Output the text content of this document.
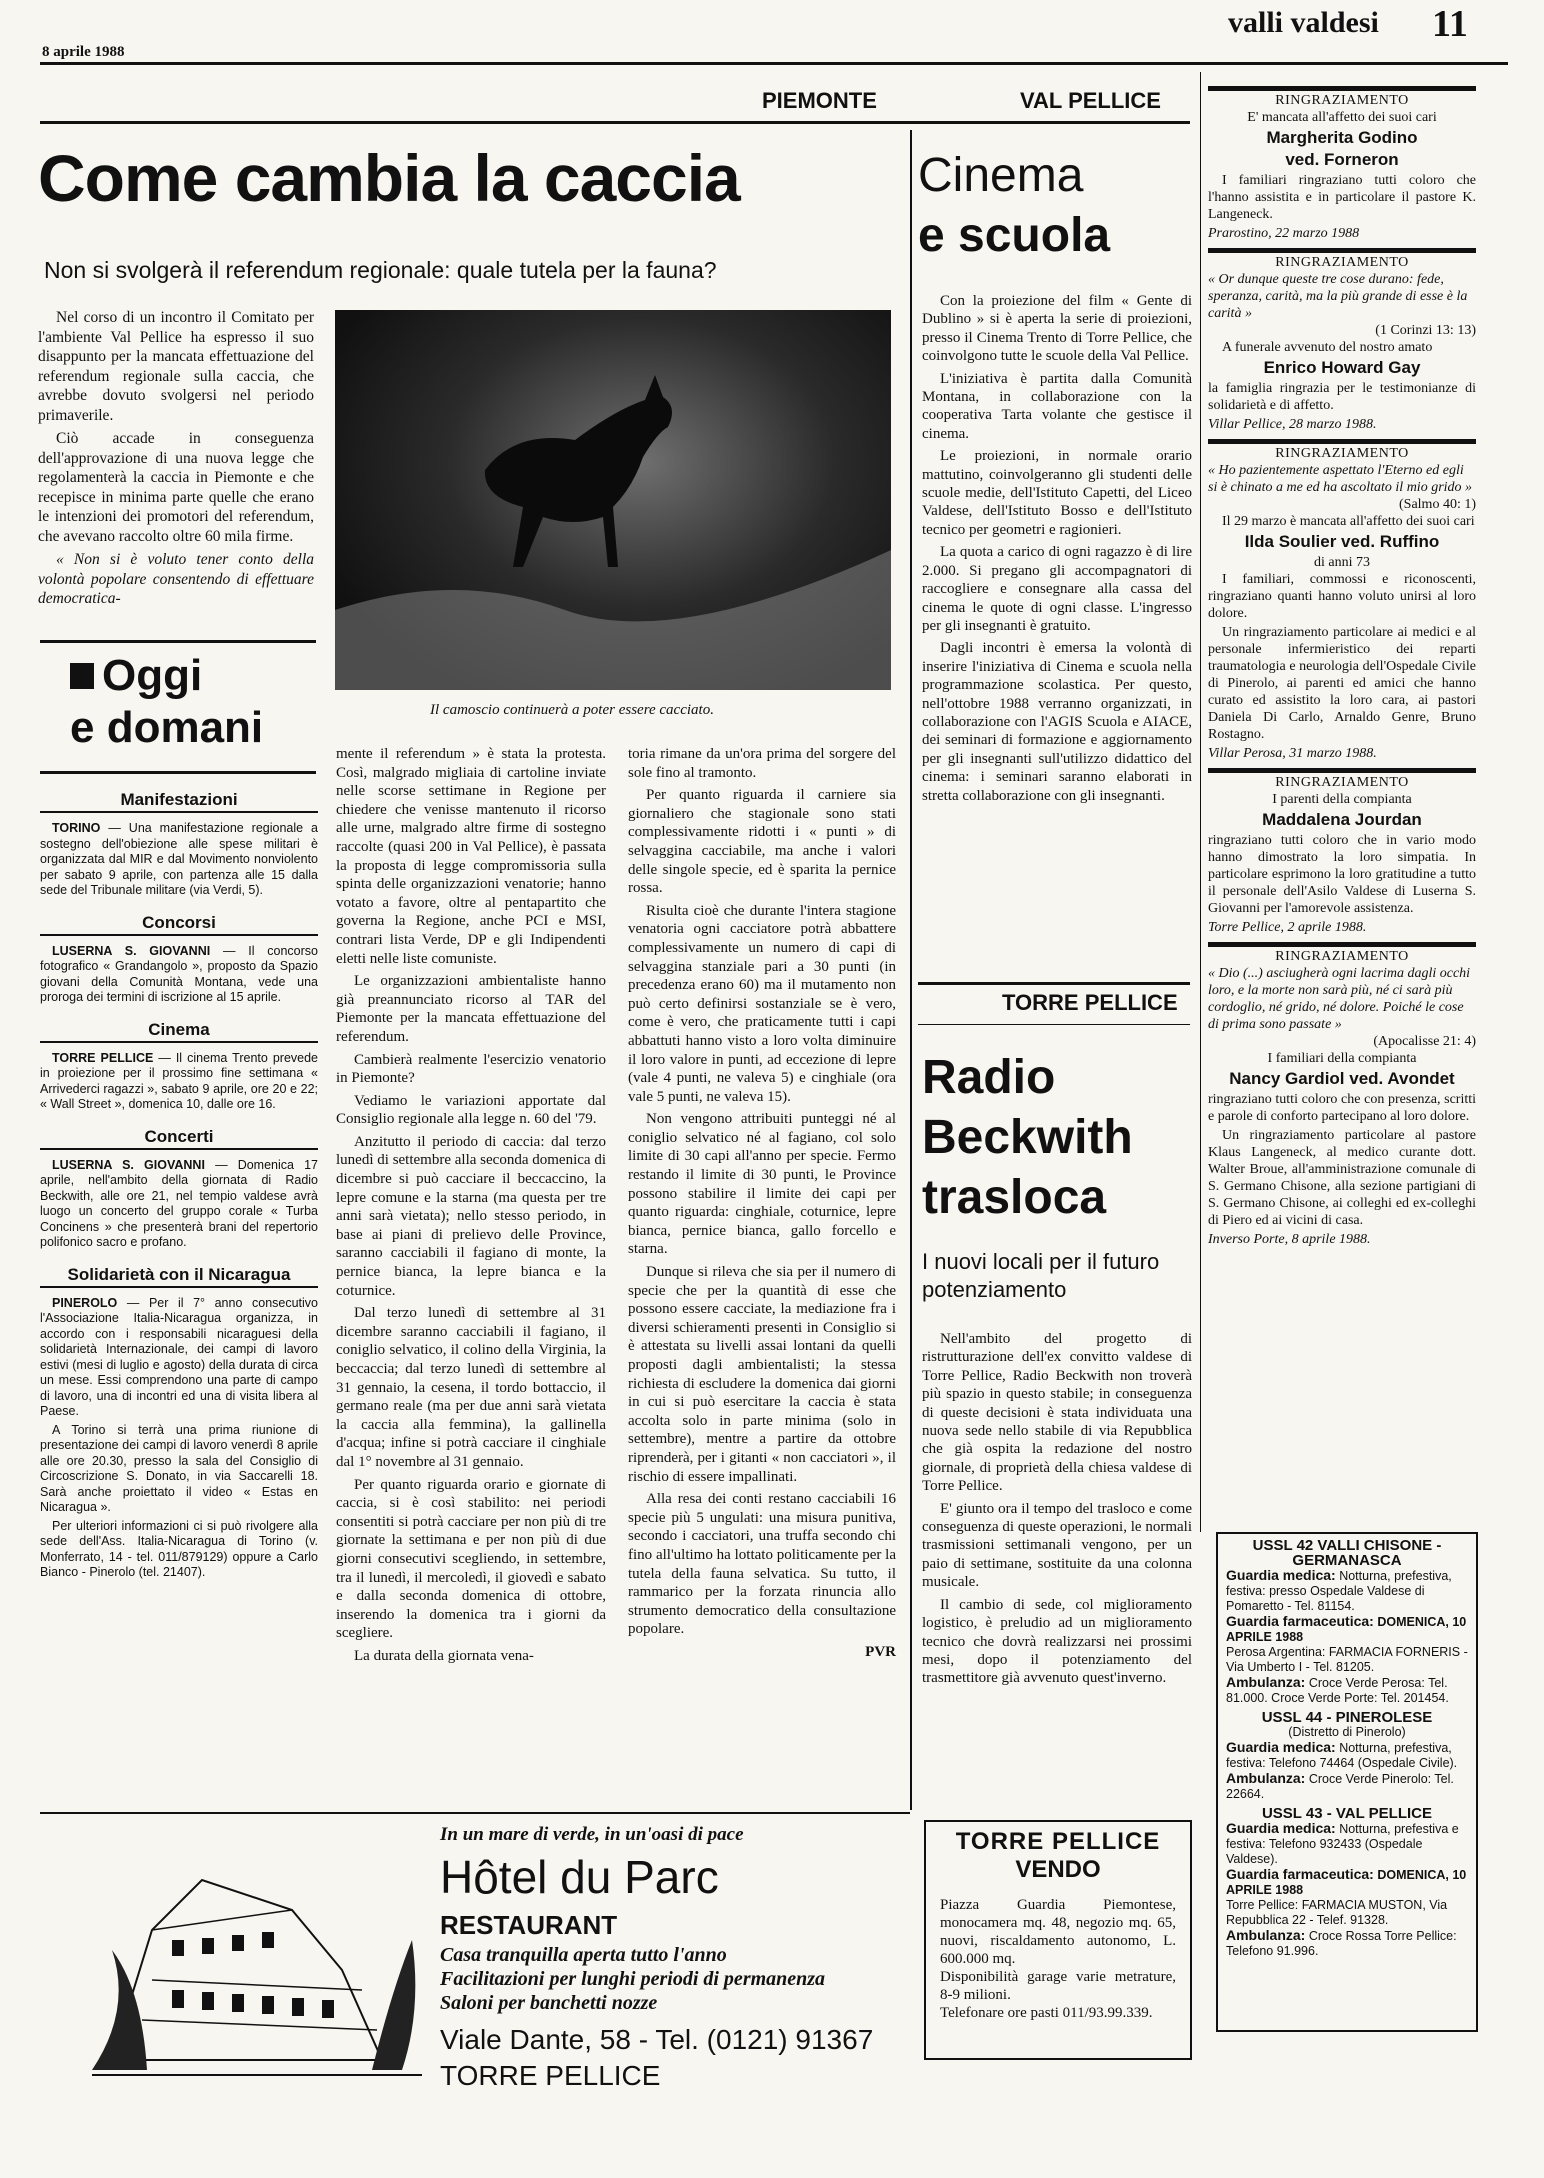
8 aprile 1988
valli valdesi 11
PIEMONTE	VAL PELLICE
Come cambia la caccia
Non si svolgerà il referendum regionale: quale tutela per la fauna?

Nel corso di un incontro il Comitato per l'ambiente Val Pellice ha espresso il suo disappunto per la mancata effettuazione del referendum regionale sulla caccia, che avrebbe dovuto svolgersi nel periodo primaverile.

Ciò accade in conseguenza dell'approvazione di una nuova legge che regolamenterà la caccia in Piemonte e che recepisce in minima parte quelle che erano le intenzioni dei promotori del referendum, che avevano raccolto oltre 60 mila firme.

« Non si è voluto tener conto della volontà popolare consentendo di effettuare democratica-

Il camoscio continuerà a poter essere cacciato.
Oggi
e domani
Manifestazioni

TORINO — Una manifestazione regionale a sostegno dell'obiezione alle spese militari è organizzata dal MIR e dal Movimento nonviolento per sabato 9 aprile, con partenza alle 15 dalla sede del Tribunale militare (via Verdi, 5).

Concorsi

LUSERNA S. GIOVANNI — Il concorso fotografico « Grandangolo », proposto da Spazio giovani della Comunità Montana, vede una proroga dei termini di iscrizione al 15 aprile.

Cinema

TORRE PELLICE — Il cinema Trento prevede in proiezione per il prossimo fine settimana « Arrivederci ragazzi », sabato 9 aprile, ore 20 e 22; « Wall Street », domenica 10, dalle ore 16.

Concerti

LUSERNA S. GIOVANNI — Domenica 17 aprile, nell'ambito della giornata di Radio Beckwith, alle ore 21, nel tempio valdese avrà luogo un concerto del gruppo corale « Turba Concinens » che presenterà brani del repertorio polifonico sacro e profano.

Solidarietà con il Nicaragua

PINEROLO — Per il 7° anno consecutivo l'Associazione Italia-Nicaragua organizza, in accordo con i responsabili nicaraguesi della solidarietà Internazionale, dei campi di lavoro estivi (mesi di luglio e agosto) della durata di circa un mese. Essi comprendono una parte di campo di lavoro, una di incontri ed una di visita libera al Paese.

A Torino si terrà una prima riunione di presentazione dei campi di lavoro venerdì 8 aprile alle ore 20.30, presso la sala del Consiglio di Circoscrizione S. Donato, in via Saccarelli 18. Sarà anche proiettato il video « Estas en Nicaragua ».

Per ulteriori informazioni ci si può rivolgere alla sede dell'Ass. Italia-Nicaragua di Torino (v. Monferrato, 14 - tel. 011/879129) oppure a Carlo Bianco - Pinerolo (tel. 21407).

mente il referendum » è stata la protesta. Così, malgrado migliaia di cartoline inviate nelle scorse settimane in Regione per chiedere che venisse mantenuto il ricorso alle urne, malgrado altre firme di sostegno raccolte (quasi 200 in Val Pellice), è passata la proposta di legge compromissoria sulla spinta delle organizzazioni venatorie; hanno votato a favore, oltre al pentapartito che governa la Regione, anche PCI e MSI, contrari lista Verde, DP e gli Indipendenti eletti nelle liste comuniste.

Le organizzazioni ambientaliste hanno già preannunciato ricorso al TAR del Piemonte per la mancata effettuazione del referendum.

Cambierà realmente l'esercizio venatorio in Piemonte?

Vediamo le variazioni apportate dal Consiglio regionale alla legge n. 60 del '79.

Anzitutto il periodo di caccia: dal terzo lunedì di settembre alla seconda domenica di dicembre si può cacciare il beccaccino, la lepre comune e la starna (ma questa per tre anni sarà vietata); nello stesso periodo, in base ai piani di prelievo delle Province, saranno cacciabili il fagiano di monte, la pernice bianca, la lepre bianca e la coturnice.

Dal terzo lunedì di settembre al 31 dicembre saranno cacciabili il fagiano, il coniglio selvatico, il colino della Virginia, la beccaccia; dal terzo lunedì di settembre al 31 gennaio, la cesena, il tordo bottaccio, il germano reale (ma per due anni sarà vietata la caccia alla femmina), la gallinella d'acqua; infine si potrà cacciare il cinghiale dal 1° novembre al 31 gennaio.

Per quanto riguarda orario e giornate di caccia, si è così stabilito: nei periodi consentiti si potrà cacciare per non più di tre giornate la settimana e per non più di due giorni consecutivi scegliendo, in settembre, tra il lunedì, il mercoledì, il giovedì e sabato e dalla seconda domenica di ottobre, inserendo la domenica tra i giorni da scegliere.

La durata della giornata vena-

toria rimane da un'ora prima del sorgere del sole fino al tramonto.

Per quanto riguarda il carniere sia giornaliero che stagionale sono stati complessivamente ridotti i « punti » di selvaggina cacciabile, ma anche i valori delle singole specie, ed è sparita la pernice rossa.

Risulta cioè che durante l'intera stagione venatoria ogni cacciatore potrà abbattere complessivamente un numero di capi di selvaggina stanziale pari a 30 punti (in precedenza erano 60) ma il mutamento non può certo definirsi sostanziale se è vero, come è vero, che praticamente tutti i capi abbattuti hanno visto a loro volta diminuire il loro valore in punti, ad eccezione di lepre (vale 4 punti, ne valeva 5) e cinghiale (ora vale 5 punti, ne valeva 15).

Non vengono attribuiti punteggi né al coniglio selvatico né al fagiano, col solo limite di 30 capi all'anno per specie. Fermo restando il limite di 30 punti, le Province possono stabilire il limite dei capi per quanto riguarda: cinghiale, coturnice, lepre bianca, pernice bianca, gallo forcello e starna.

Dunque si rileva che sia per il numero di specie che per la quantità di esse che possono essere cacciate, la mediazione fra i diversi schieramenti presenti in Consiglio si è attestata su livelli assai lontani da quelli proposti dagli ambientalisti; la stessa richiesta di escludere la domenica dai giorni in cui si può esercitare la caccia è stata accolta solo in parte minima (solo in settembre), mentre a partire da ottobre riprenderà, per i gitanti « non cacciatori », il rischio di essere impallinati.

Alla resa dei conti restano cacciabili 16 specie più 5 ungulati: una misura punitiva, secondo i cacciatori, una truffa secondo chi fino all'ultimo ha lottato politicamente per la tutela della fauna selvatica. Su tutto, il rammarico per la forzata rinuncia allo strumento democratico della consultazione popolare.

PVR
Cinema
e scuola

Con la proiezione del film « Gente di Dublino » si è aperta la serie di proiezioni, presso il Cinema Trento di Torre Pellice, che coinvolgono tutte le scuole della Val Pellice.

L'iniziativa è partita dalla Comunità Montana, in collaborazione con la cooperativa Tarta volante che gestisce il cinema.

Le proiezioni, in normale orario mattutino, coinvolgeranno gli studenti delle scuole medie, dell'Istituto Capetti, del Liceo Valdese, dell'Istituto Bosso e dell'Istituto tecnico per geometri e ragionieri.

La quota a carico di ogni ragazzo è di lire 2.000. Si pregano gli accompagnatori di raccogliere e consegnare alla cassa del cinema le quote di ogni classe. L'ingresso per gli insegnanti è gratuito.

Dagli incontri è emersa la volontà di inserire l'iniziativa di Cinema e scuola nella programmazione scolastica. Per questo, nell'ottobre 1988 verranno organizzati, in collaborazione con l'AGIS Scuola e AIACE, dei seminari di formazione e aggiornamento per gli insegnanti sull'utilizzo didattico del cinema: i seminari saranno elaborati in stretta collaborazione con gli insegnanti.

TORRE PELLICE
Radio
Beckwith
trasloca
I nuovi locali per il futuro potenziamento

Nell'ambito del progetto di ristrutturazione dell'ex convitto valdese di Torre Pellice, Radio Beckwith non troverà più spazio in questo stabile; in conseguenza di queste decisioni è stata individuata una nuova sede nello stabile di via Repubblica che già ospita la redazione del nostro giornale, di proprietà della chiesa valdese di Torre Pellice.

E' giunto ora il tempo del trasloco e come conseguenza di queste operazioni, le normali trasmissioni settimanali vengono, per un paio di settimane, sostituite da una colonna musicale.

Il cambio di sede, col miglioramento logistico, è preludio ad un miglioramento tecnico che dovrà realizzarsi nei prossimi mesi, dopo il potenziamento del trasmettitore già avvenuto quest'inverno.

RINGRAZIAMENTO
E' mancata all'affetto dei suoi cari
Margherita Godino
ved. Forneron

I familiari ringraziano tutti coloro che l'hanno assistita e in particolare il pastore K. Langeneck.

Prarostino, 22 marzo 1988
RINGRAZIAMENTO
« Or dunque queste tre cose durano: fede, speranza, carità, ma la più grande di esse è la carità »
(1 Corinzi 13: 13)

A funerale avvenuto del nostro amato

Enrico Howard Gay

la famiglia ringrazia per le testimonianze di solidarietà e di affetto.

Villar Pellice, 28 marzo 1988.
RINGRAZIAMENTO
« Ho pazientemente aspettato l'Eterno ed egli si è chinato a me ed ha ascoltato il mio grido »
(Salmo 40: 1)

Il 29 marzo è mancata all'affetto dei suoi cari

Ilda Soulier ved. Ruffino
di anni 73

I familiari, commossi e riconoscenti, ringraziano quanti hanno voluto unirsi al loro dolore.

Un ringraziamento particolare ai medici e al personale infermieristico dei reparti traumatologia e neurologia dell'Ospedale Civile di Pinerolo, ai parenti ed amici che hanno curato ed assistito la loro cara, ai pastori Daniela Di Carlo, Arnaldo Genre, Bruno Rostagno.

Villar Perosa, 31 marzo 1988.
RINGRAZIAMENTO
I parenti della compianta
Maddalena Jourdan

ringraziano tutti coloro che in vario modo hanno dimostrato la loro simpatia. In particolare esprimono la loro gratitudine a tutto il personale dell'Asilo Valdese di Luserna S. Giovanni per l'amorevole assistenza.

Torre Pellice, 2 aprile 1988.
RINGRAZIAMENTO
« Dio (...) asciugherà ogni lacrima dagli occhi loro, e la morte non sarà più, né ci sarà più cordoglio, né grido, né dolore. Poiché le cose di prima sono passate »
(Apocalisse 21: 4)
I familiari della compianta
Nancy Gardiol ved. Avondet

ringraziano tutti coloro che con presenza, scritti e parole di conforto partecipano al loro dolore.

Un ringraziamento particolare al pastore Klaus Langeneck, al medico curante dott. Walter Broue, all'amministrazione comunale di S. Germano Chisone, alla sezione partigiani di S. Germano Chisone, ai colleghi ed ex-colleghi di Piero ed ai vicini di casa.

Inverso Porte, 8 aprile 1988.
USSL 42 VALLI CHISONE - GERMANASCA
Guardia medica: Notturna, prefestiva, festiva: presso Ospedale Valdese di Pomaretto - Tel. 81154.
Guardia farmaceutica: DOMENICA, 10 APRILE 1988
Perosa Argentina: FARMACIA FORNERIS - Via Umberto I - Tel. 81205.
Ambulanza: Croce Verde Perosa: Tel. 81.000. Croce Verde Porte: Tel. 201454.
USSL 44 - PINEROLESE
(Distretto di Pinerolo)
Guardia medica: Notturna, prefestiva, festiva: Telefono 74464 (Ospedale Civile).
Ambulanza: Croce Verde Pinerolo: Tel. 22664.
USSL 43 - VAL PELLICE
Guardia medica: Notturna, prefestiva e festiva: Telefono 932433 (Ospedale Valdese).
Guardia farmaceutica: DOMENICA, 10 APRILE 1988
Torre Pellice: FARMACIA MUSTON, Via Repubblica 22 - Telef. 91328.
Ambulanza: Croce Rossa Torre Pellice: Telefono 91.996.
In un mare di verde, in un'oasi di pace
Hôtel du Parc
RESTAURANT
Casa tranquilla aperta tutto l'anno
Facilitazioni per lunghi periodi di permanenza
Saloni per banchetti nozze
Viale Dante, 58 - Tel. (0121) 91367
TORRE PELLICE
TORRE PELLICE
VENDO
Piazza Guardia Piemontese, monocamera mq. 48, negozio mq. 65, nuovi, riscaldamento autonomo, L. 600.000 mq.
Disponibilità garage varie metrature, 8-9 milioni.
Telefonare ore pasti 011/93.99.339.
